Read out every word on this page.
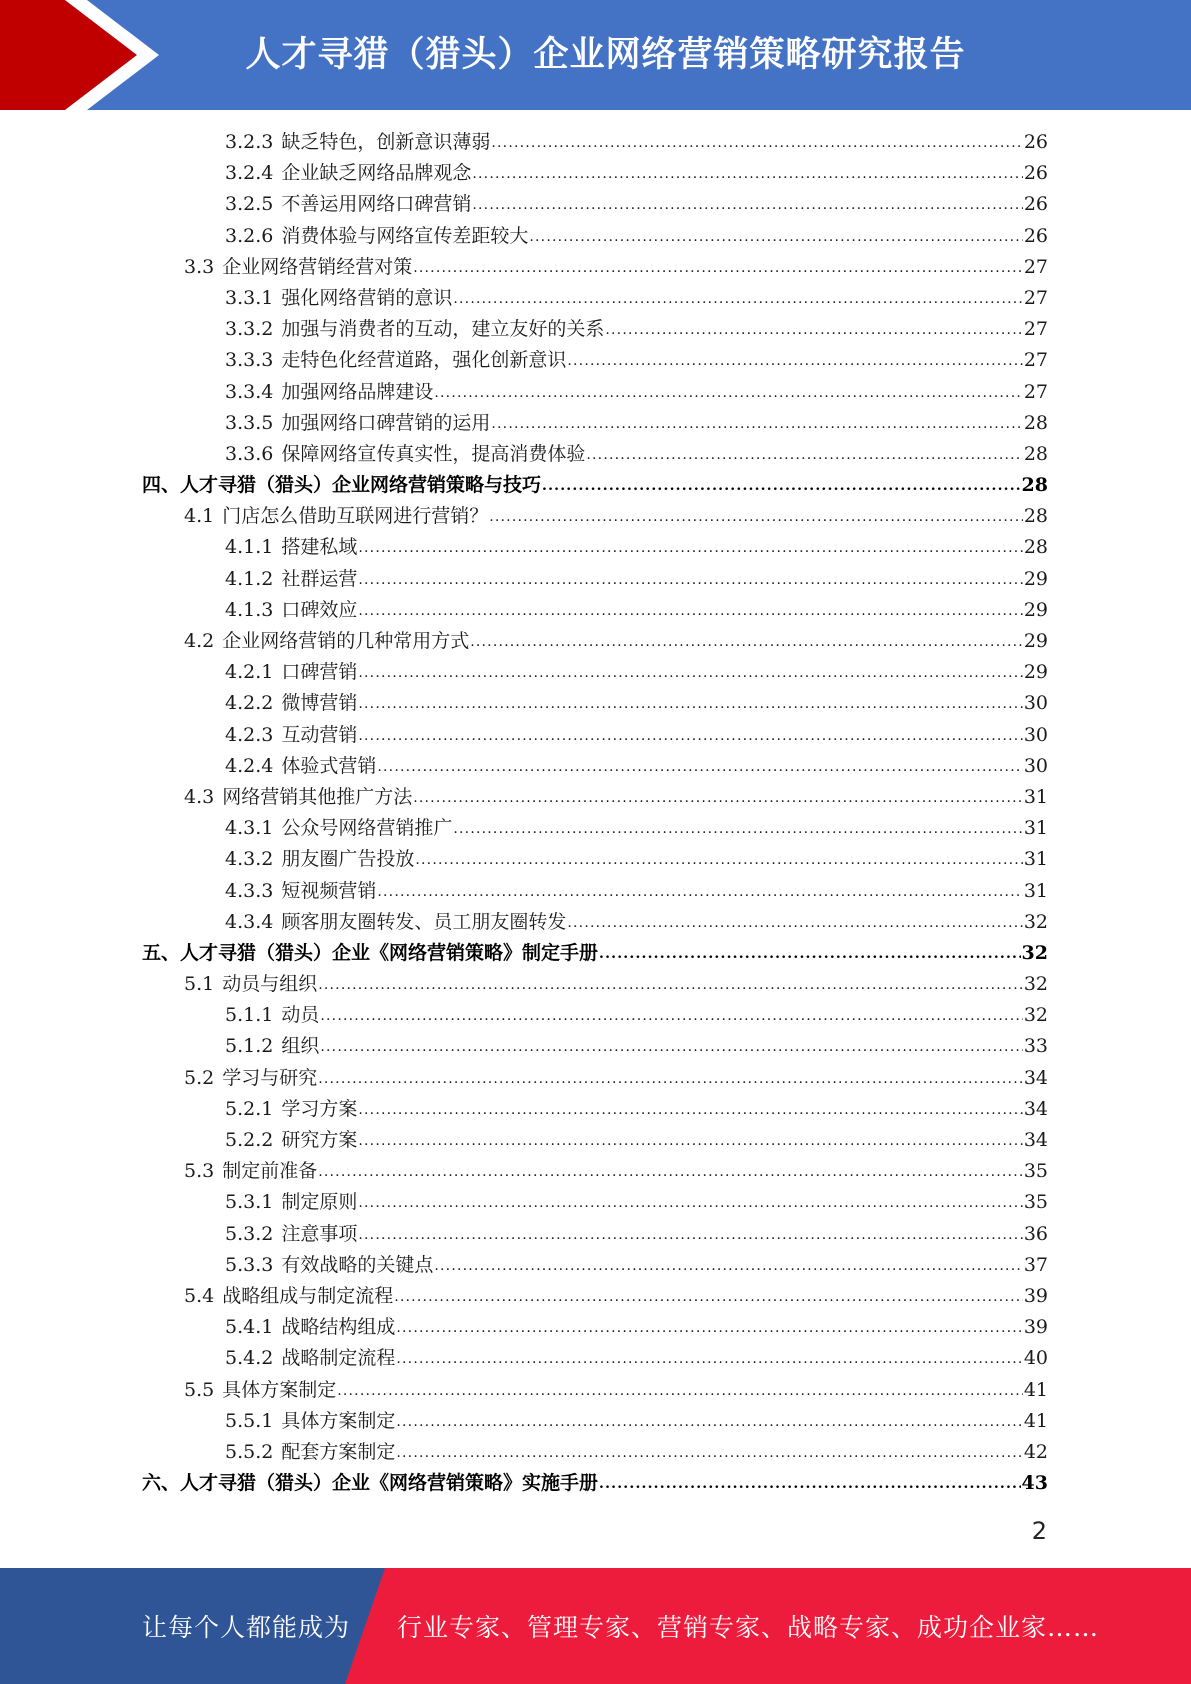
人才寻猎（猎头）企业网络营销策略研究报告
3.2.3 缺乏特色，创新意识薄弱 .....	26
3.2.4 企业缺乏网络品牌观念 .....	26
3.2.5 不善运用网络口碑营销 .....	26
3.2.6 消费体验与网络宣传差距较大 .....	26
3.3 企业网络营销经营对策 .....	27
3.3.1 强化网络营销的意识 .....	27
3.3.2 加强与消费者的互动，建立友好的关系 .....	27
3.3.3 走特色化经营道路，强化创新意识 .....	27
3.3.4 加强网络品牌建设 .....	27
3.3.5 加强网络口碑营销的运用 .....	28
3.3.6 保障网络宣传真实性，提高消费体验 .....	28
四、人才寻猎（猎头）企业网络营销策略与技巧 .....	28
4.1 门店怎么借助互联网进行营销？ .....	28
4.1.1 搭建私域 .....	28
4.1.2 社群运营 .....	29
4.1.3 口碑效应 .....	29
4.2 企业网络营销的几种常用方式 .....	29
4.2.1 口碑营销 .....	29
4.2.2 微博营销 .....	30
4.2.3 互动营销 .....	30
4.2.4 体验式营销 .....	30
4.3 网络营销其他推广方法 .....	31
4.3.1 公众号网络营销推广 .....	31
4.3.2 朋友圈广告投放 .....	31
4.3.3 短视频营销 .....	31
4.3.4 顾客朋友圈转发、员工朋友圈转发 .....	32
五、人才寻猎（猎头）企业《网络营销策略》制定手册 .....	32
5.1 动员与组织 .....	32
5.1.1 动员 .....	32
5.1.2 组织 .....	33
5.2 学习与研究 .....	34
5.2.1 学习方案 .....	34
5.2.2 研究方案 .....	34
5.3 制定前准备 .....	35
5.3.1 制定原则 .....	35
5.3.2 注意事项 .....	36
5.3.3 有效战略的关键点 .....	37
5.4 战略组成与制定流程 .....	39
5.4.1 战略结构组成 .....	39
5.4.2 战略制定流程 .....	40
5.5 具体方案制定 .....	41
5.5.1 具体方案制定 .....	41
5.5.2 配套方案制定 .....	42
六、人才寻猎（猎头）企业《网络营销策略》实施手册 .....	43
2
让每个人都能成为 行业专家、管理专家、营销专家、战略专家、成功企业家……
